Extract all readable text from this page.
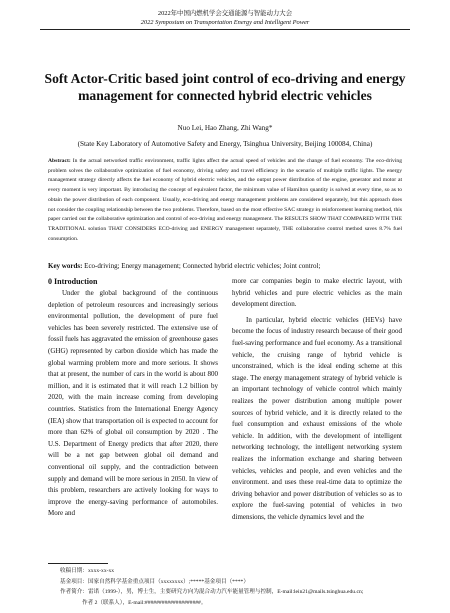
2022年中国内燃机学会交通能源与智能动力大会
2022 Symposium on Transportation Energy and Intelligent Power
Soft Actor-Critic based joint control of eco-driving and energy management for connected hybrid electric vehicles
Nuo Lei, Hao Zhang, Zhi Wang*
(State Key Laboratory of Automotive Safety and Energy, Tsinghua University, Beijing 100084, China)
Abstract: In the actual networked traffic environment, traffic lights affect the actual speed of vehicles and the change of fuel economy. The eco-driving problem solves the collaborative optimization of fuel economy, driving safety and travel efficiency in the scenario of multiple traffic lights. The energy management strategy directly affects the fuel economy of hybrid electric vehicles, and the output power distribution of the engine, generator and motor at every moment is very important. By introducing the concept of equivalent factor, the minimum value of Hamilton quantity is solved at every time, so as to obtain the power distribution of each component. Usually, eco-driving and energy management problems are considered separately, but this approach does not consider the coupling relationship between the two problems. Therefore, based on the most effective SAC strategy in reinforcement learning method, this paper carried out the collaborative optimization and control of eco-driving and energy management. The RESULTS SHOW THAT COMPARED WITH THE TRADITIONAL solution THAT CONSIDERS ECO-driving and ENERGY management separately, THE collaborative control method saves 8.7% fuel consumption.
Key words: Eco-driving; Energy management; Connected hybrid electric vehicles; Joint control;
0 Introduction

Under the global background of the continuous depletion of petroleum resources and increasingly serious environmental pollution, the development of pure fuel vehicles has been severely restricted. The extensive use of fossil fuels has aggravated the emission of greenhouse gases (GHG) represented by carbon dioxide which has made the global warming problem more and more serious. It shows that at present, the number of cars in the world is about 800 million, and it is estimated that it will reach 1.2 billion by 2020, with the main increase coming from developing countries. Statistics from the International Energy Agency (IEA) show that transportation oil is expected to account for more than 62% of global oil consumption by 2020 . The U.S. Department of Energy predicts that after 2020, there will be a net gap between global oil demand and conventional oil supply, and the contradiction between supply and demand will be more serious in 2050. In view of this problem, researchers are actively looking for ways to improve the energy-saving performance of automobiles. More and

more car companies begin to make electric layout, with hybrid vehicles and pure electric vehicles as the main development direction.

In particular, hybrid electric vehicles (HEVs) have become the focus of industry research because of their good fuel-saving performance and fuel economy. As a transitional vehicle, the cruising range of hybrid vehicle is unconstrained, which is the ideal ending scheme at this stage. The energy management strategy of hybrid vehicle is an important technology of vehicle control which mainly realizes the power distribution among multiple power sources of hybrid vehicle, and it is directly related to the fuel consumption and exhaust emissions of the whole vehicle. In addition, with the development of intelligent networking technology, the intelligent networking system realizes the information exchange and sharing between vehicles, vehicles and people, and even vehicles and the environment. and uses these real-time data to optimize the driving behavior and power distribution of vehicles so as to explore the fuel-saving potential of vehicles in two dimensions, the vehicle dynamics level and the

收稿日期：xxxx-xx-xx
基金项目：国家自然科学基金重点项目（xxxxxxxx）;*****基金项目（****）
作者简介：雷诺（1999-），男，博士生，主要研究方向为混合动力汽车能量管理与控制，E-mail:lein21@mails.tsinghua.edu.cn;
作者 2（联系人），E-mail:####################。
